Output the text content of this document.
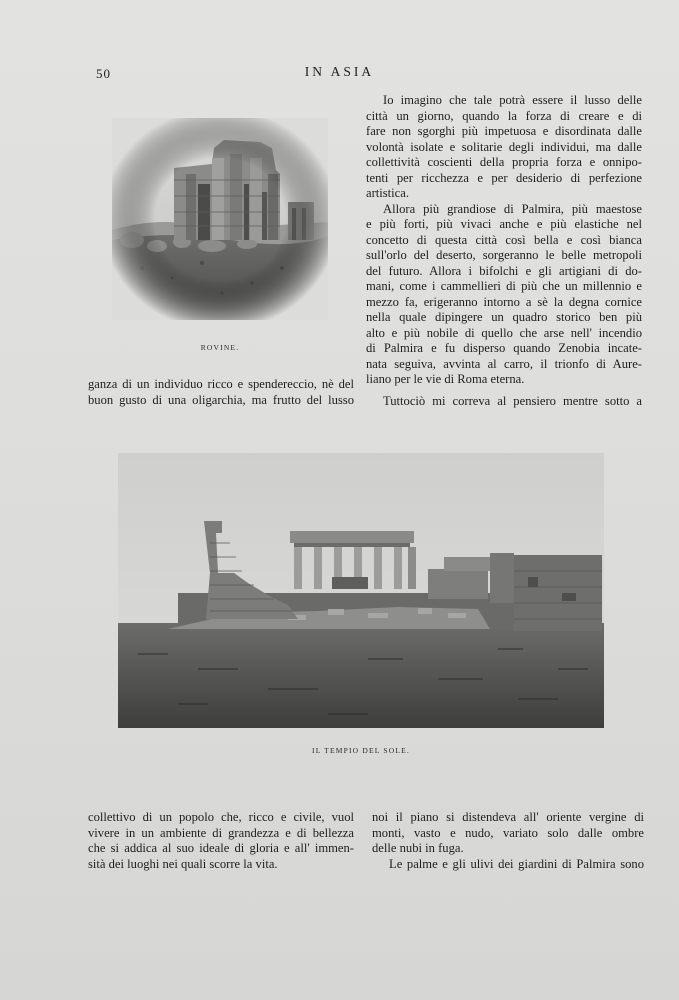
50	IN ASIA
ROVINE.

Io imagino che tale potrà essere il lusso delle

città un giorno, quando la forza di creare e di

fare non sgorghi più impetuosa e disordinata dalle

volontà isolate e solitarie degli individui, ma dalle

collettività coscienti della propria forza e onnipo-

tenti per ricchezza e per desiderio di perfezione

artistica.

Allora più grandiose di Palmira, più maestose

e più forti, più vivaci anche e più elastiche nel

concetto di questa città così bella e così bianca

sull'orlo del deserto, sorgeranno le belle metropoli

del futuro. Allora i bifolchi e gli artigiani di do-

mani, come i cammellieri di più che un millennio e

mezzo fa, erigeranno intorno a sè la degna cornice

nella quale dipingere un quadro storico ben più

alto e più nobile di quello che arse nell' incendio

di Palmira e fu disperso quando Zenobia incate-

nata seguiva, avvinta al carro, il trionfo di Aure-

liano per le vie di Roma eterna.

Tuttociò mi correva al pensiero mentre sotto a

ganza di un individuo ricco e spendereccio, nè del

buon gusto di una oligarchia, ma frutto del lusso

IL TEMPIO DEL SOLE.

collettivo di un popolo che, ricco e civile, vuol

vivere in un ambiente di grandezza e di bellezza

che si addica al suo ideale di gloria e all' immen-

sità dei luoghi nei quali scorre la vita.

noi il piano si distendeva all' oriente vergine di

monti, vasto e nudo, variato solo dalle ombre

delle nubi in fuga.

Le palme e gli ulivi dei giardini di Palmira sono
